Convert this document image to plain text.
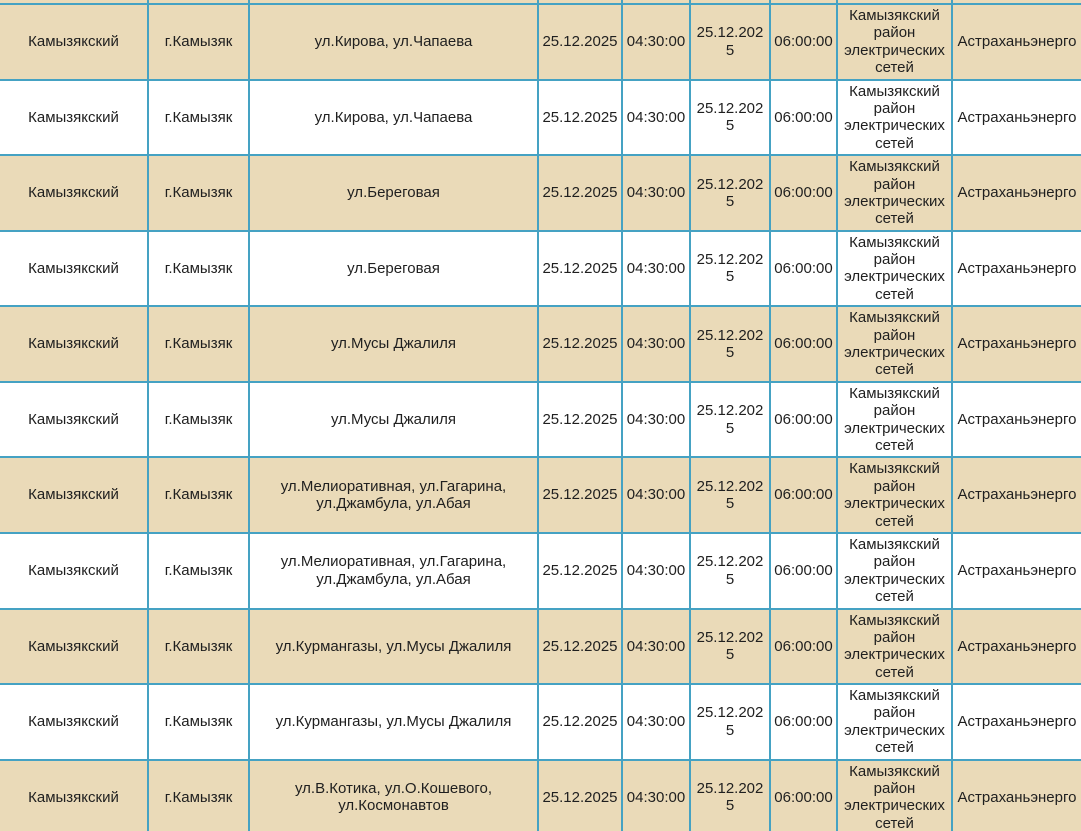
Камызякский	г.Камызяк	ул.Кирова, ул.Чапаева	25.12.2025	04:30:00	25.12.2025	06:00:00	Камызякский район электрических сетей	Астраханьэнерго
Камызякский	г.Камызяк	ул.Кирова, ул.Чапаева	25.12.2025	04:30:00	25.12.2025	06:00:00	Камызякский район электрических сетей	Астраханьэнерго
Камызякский	г.Камызяк	ул.Береговая	25.12.2025	04:30:00	25.12.2025	06:00:00	Камызякский район электрических сетей	Астраханьэнерго
Камызякский	г.Камызяк	ул.Береговая	25.12.2025	04:30:00	25.12.2025	06:00:00	Камызякский район электрических сетей	Астраханьэнерго
Камызякский	г.Камызяк	ул.Мусы Джалиля	25.12.2025	04:30:00	25.12.2025	06:00:00	Камызякский район электрических сетей	Астраханьэнерго
Камызякский	г.Камызяк	ул.Мусы Джалиля	25.12.2025	04:30:00	25.12.2025	06:00:00	Камызякский район электрических сетей	Астраханьэнерго
Камызякский	г.Камызяк	ул.Мелиоративная, ул.Гагарина, ул.Джамбула, ул.Абая	25.12.2025	04:30:00	25.12.2025	06:00:00	Камызякский район электрических сетей	Астраханьэнерго
Камызякский	г.Камызяк	ул.Мелиоративная, ул.Гагарина, ул.Джамбула, ул.Абая	25.12.2025	04:30:00	25.12.2025	06:00:00	Камызякский район электрических сетей	Астраханьэнерго
Камызякский	г.Камызяк	ул.Курмангазы, ул.Мусы Джалиля	25.12.2025	04:30:00	25.12.2025	06:00:00	Камызякский район электрических сетей	Астраханьэнерго
Камызякский	г.Камызяк	ул.Курмангазы, ул.Мусы Джалиля	25.12.2025	04:30:00	25.12.2025	06:00:00	Камызякский район электрических сетей	Астраханьэнерго
Камызякский	г.Камызяк	ул.В.Котика, ул.О.Кошевого, ул.Космонавтов	25.12.2025	04:30:00	25.12.2025	06:00:00	Камызякский район электрических сетей	Астраханьэнерго
